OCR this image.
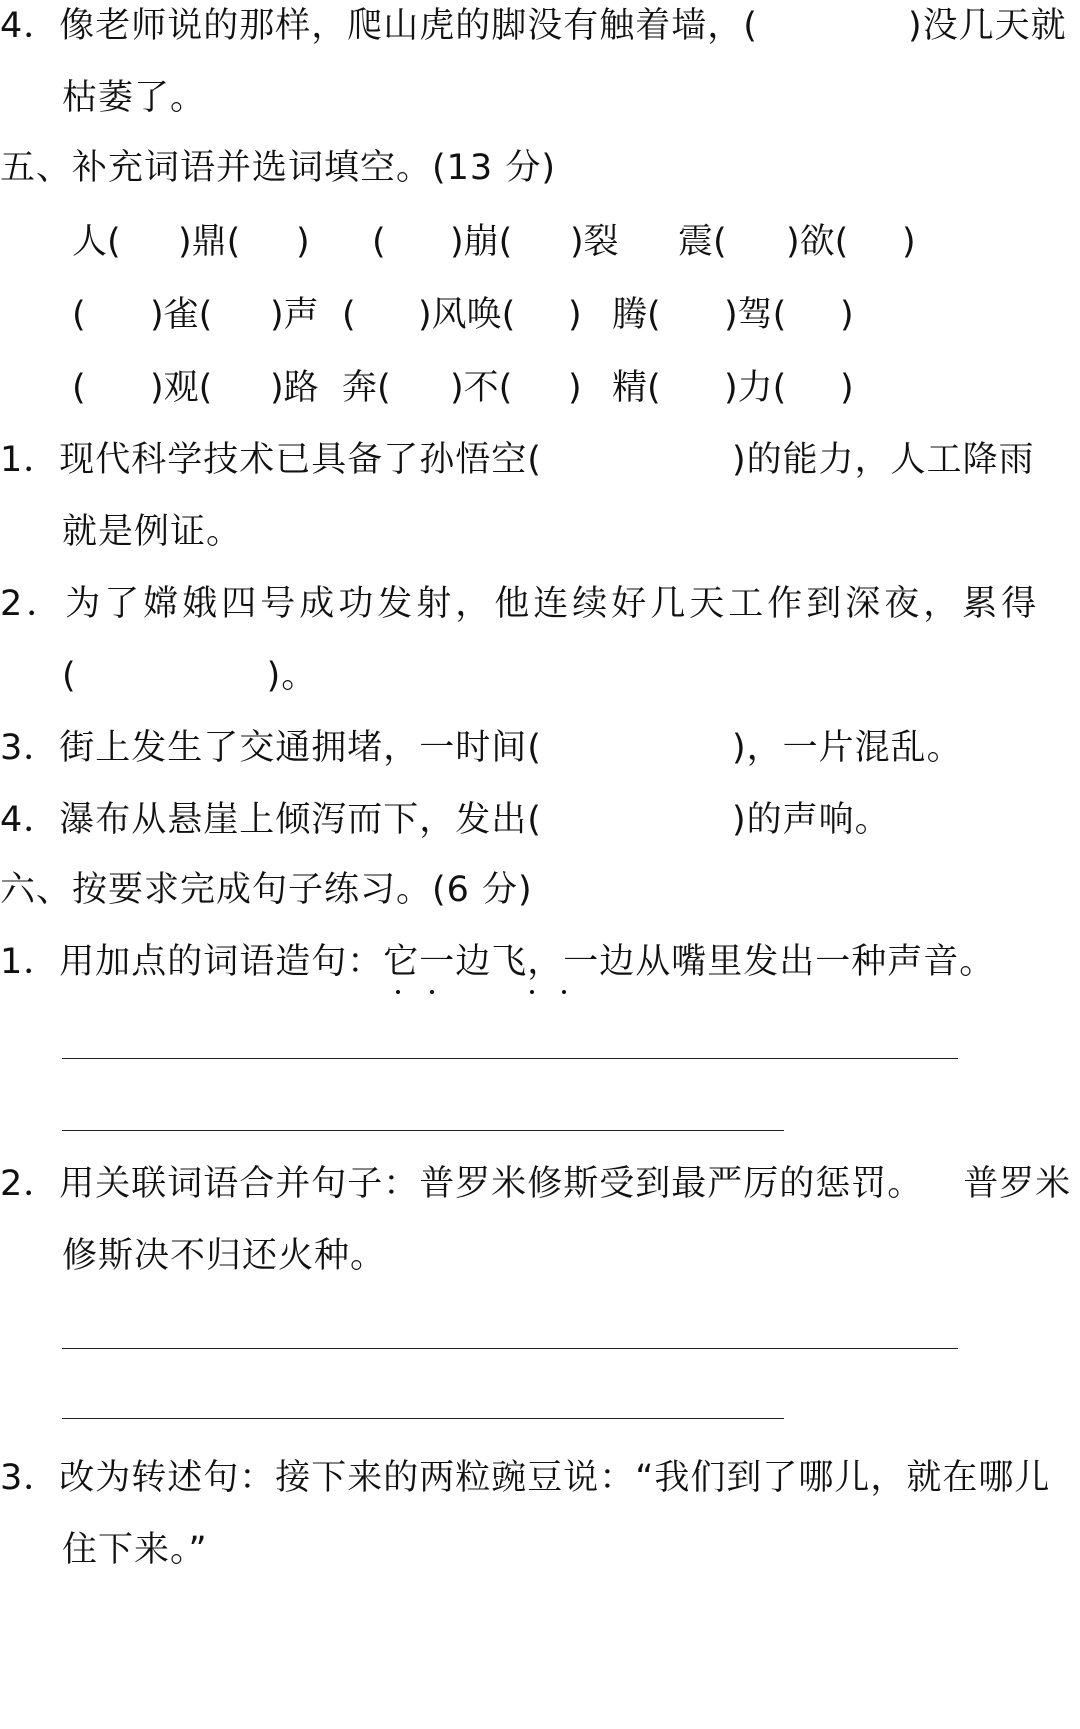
4．像老师说的那样，爬山虎的脚没有触着墙，(	)没几天就
枯萎了。
五、补充词语并选词填空。(13 分)
人( )鼎( ) ( )崩( )裂 震( )欲( )
( )雀( )声 ( )风唤( ) 腾( )驾( )
( )观( )路 奔( )不( ) 精( )力( )
1．现代科学技术已具备了孙悟空(	)的能力，人工降雨
就是例证。
2．为了嫦娥四号成功发射，他连续好几天工作到深夜，累得
(	)。
3．街上发生了交通拥堵，一时间(	)，一片混乱。
4．瀑布从悬崖上倾泻而下，发出(	)的声响。
六、按要求完成句子练习。(6 分)
1．用加点的词语造句：它一边飞，一边从嘴里发出一种声音。
2．用关联词语合并句子：普罗米修斯受到最严厉的惩罚。 普罗米
修斯决不归还火种。
3．改为转述句：接下来的两粒豌豆说：“我们到了哪儿，就在哪儿
住下来。”
